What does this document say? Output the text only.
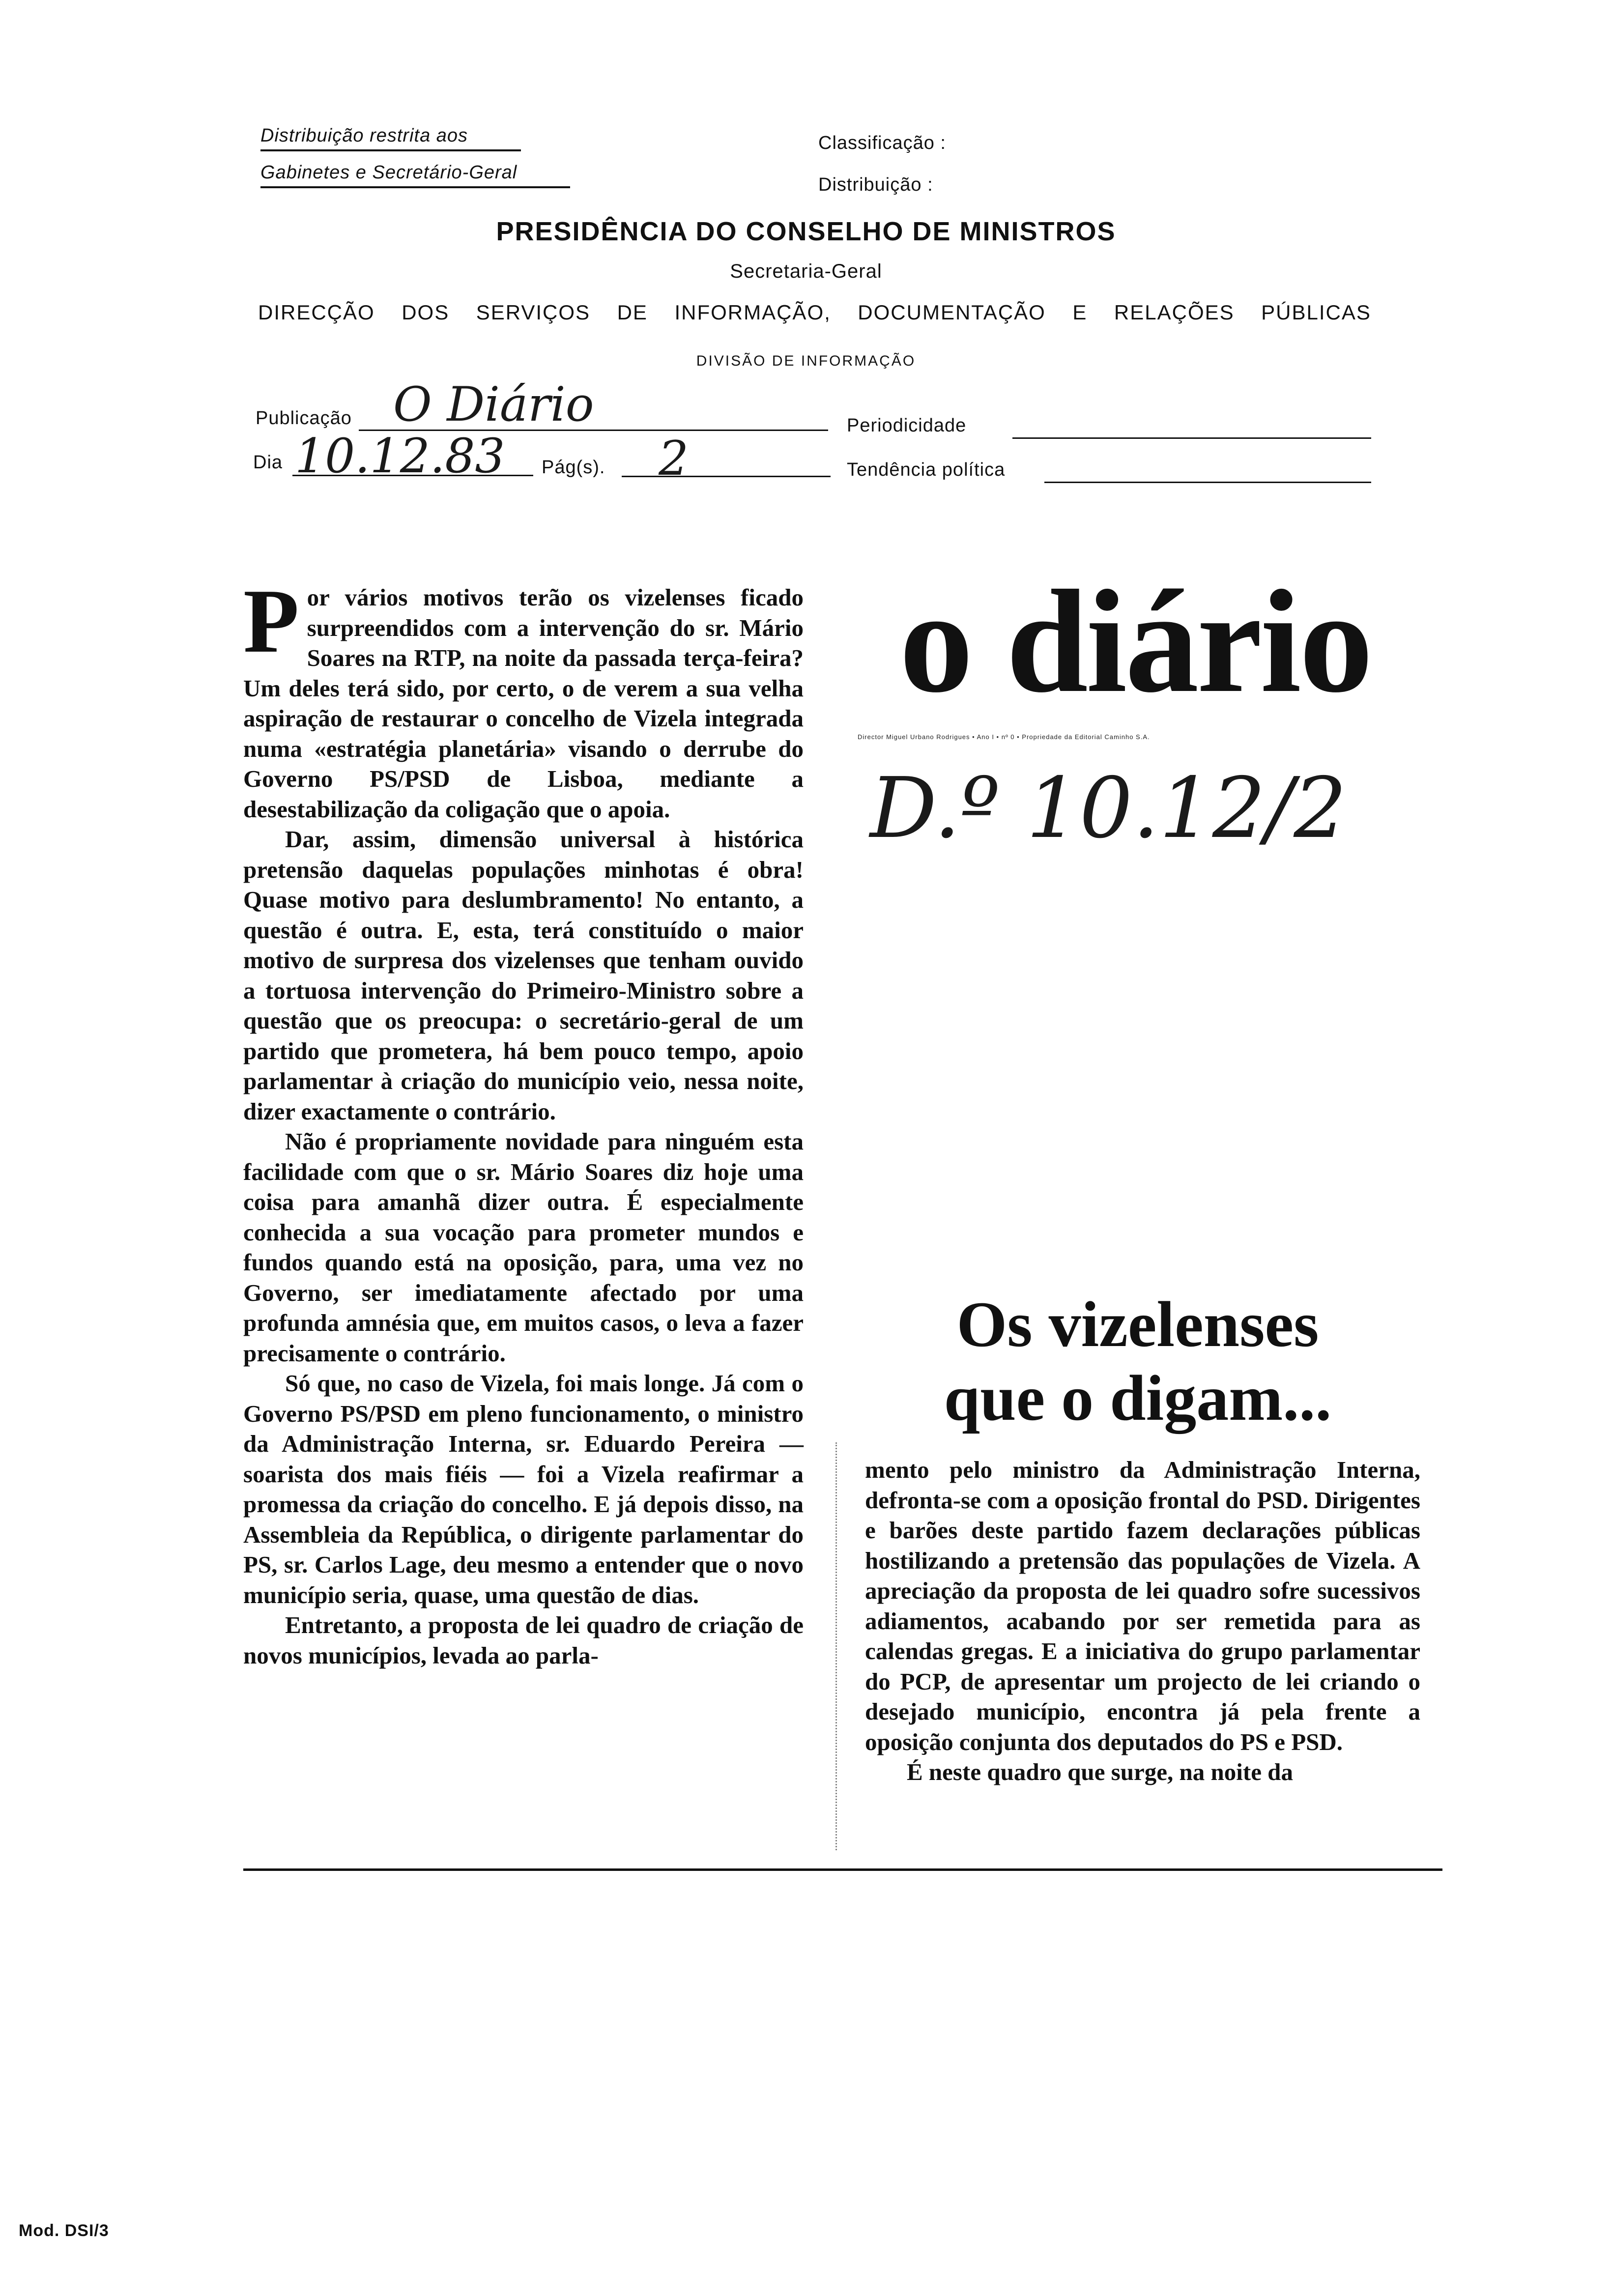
Distribuição restrita aos
Gabinetes e Secretário-Geral
Classificação :
Distribuição :
PRESIDÊNCIA DO CONSELHO DE MINISTROS
Secretaria-Geral
DIRECÇÃO DOS SERVIÇOS DE INFORMAÇÃO, DOCUMENTAÇÃO E RELAÇÕES PÚBLICAS
DIVISÃO DE INFORMAÇÃO
Publicação O Diário	Periodicidade
Dia 10.12.83 Pág(s). 2	Tendência política

Por vários motivos terão os vizelenses ficado surpreendidos com a intervenção do sr. Mário Soares na RTP, na noite da passada terça-feira? Um deles terá sido, por certo, o de verem a sua velha aspiração de restaurar o concelho de Vizela integrada numa «estratégia planetária» visando o derrube do Governo PS/PSD de Lisboa, mediante a desestabilização da coligação que o apoia.

Dar, assim, dimensão universal à histórica pretensão daquelas populações minhotas é obra! Quase motivo para deslumbramento! No entanto, a questão é outra. E, esta, terá constituído o maior motivo de surpresa dos vizelenses que tenham ouvido a tortuosa intervenção do Primeiro-Ministro sobre a questão que os preocupa: o secretário-geral de um partido que prometera, há bem pouco tempo, apoio parlamentar à criação do município veio, nessa noite, dizer exactamente o contrário.

Não é propriamente novidade para ninguém esta facilidade com que o sr. Mário Soares diz hoje uma coisa para amanhã dizer outra. É especialmente conhecida a sua vocação para prometer mundos e fundos quando está na oposição, para, uma vez no Governo, ser imediatamente afectado por uma profunda amnésia que, em muitos casos, o leva a fazer precisamente o contrário.

Só que, no caso de Vizela, foi mais longe. Já com o Governo PS/PSD em pleno funcionamento, o ministro da Administração Interna, sr. Eduardo Pereira — soarista dos mais fiéis — foi a Vizela reafirmar a promessa da criação do concelho. E já depois disso, na Assembleia da República, o dirigente parlamentar do PS, sr. Carlos Lage, deu mesmo a entender que o novo município seria, quase, uma questão de dias.

Entretanto, a proposta de lei quadro de criação de novos municípios, levada ao parla-

o diário
Director Miguel Urbano Rodrigues • Ano I • nº 0 • Propriedade da Editorial Caminho S.A.
D.º 10.12/2
Os vizelenses
que o digam...

mento pelo ministro da Administração Interna, defronta-se com a oposição frontal do PSD. Dirigentes e barões deste partido fazem declarações públicas hostilizando a pretensão das populações de Vizela. A apreciação da proposta de lei quadro sofre sucessivos adiamentos, acabando por ser remetida para as calendas gregas. E a iniciativa do grupo parlamentar do PCP, de apresentar um projecto de lei criando o desejado município, encontra já pela frente a oposição conjunta dos deputados do PS e PSD.

É neste quadro que surge, na noite da

Mod. DSI/3
